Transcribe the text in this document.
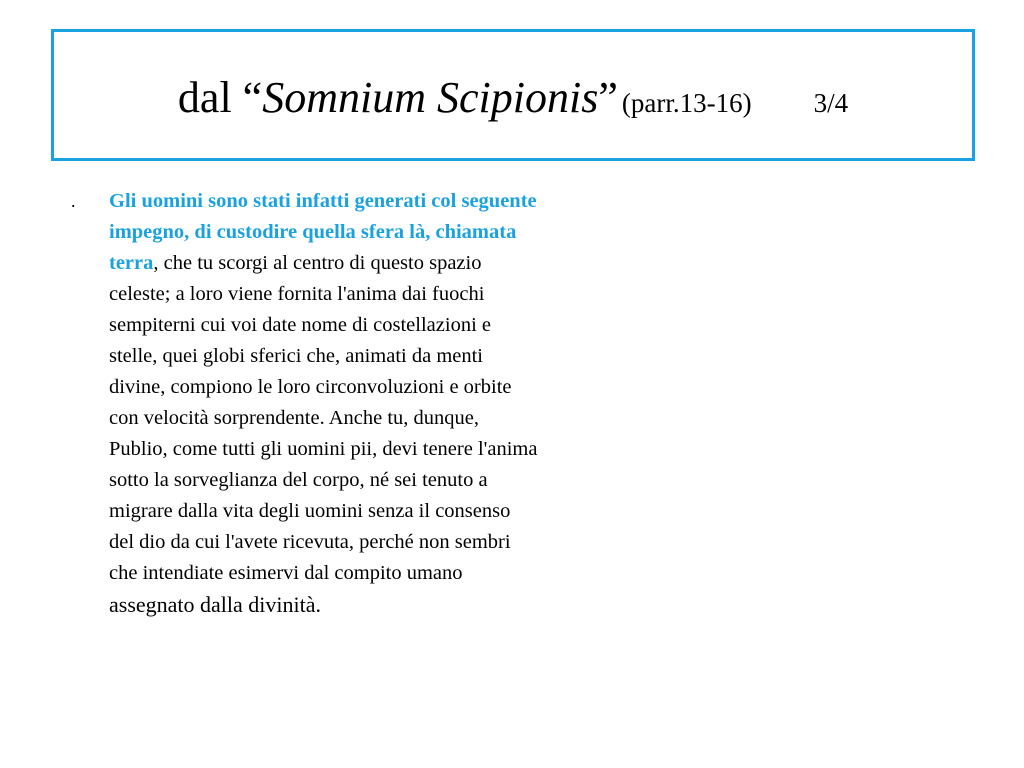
dal “Somnium Scipionis” (parr.13-16) 3/4
. Gli uomini sono stati infatti generati col seguente impegno, di custodire quella sfera là, chiamata terra, che tu scorgi al centro di questo spazio celeste; a loro viene fornita l'anima dai fuochi sempiterni cui voi date nome di costellazioni e stelle, quei globi sferici che, animati da menti divine, compiono le loro circonvoluzioni e orbite con velocità sorprendente. Anche tu, dunque, Publio, come tutti gli uomini pii, devi tenere l'anima sotto la sorveglianza del corpo, né sei tenuto a migrare dalla vita degli uomini senza il consenso del dio da cui l'avete ricevuta, perché non sembri che intendiate esimervi dal compito umano assegnato dalla divinità.
